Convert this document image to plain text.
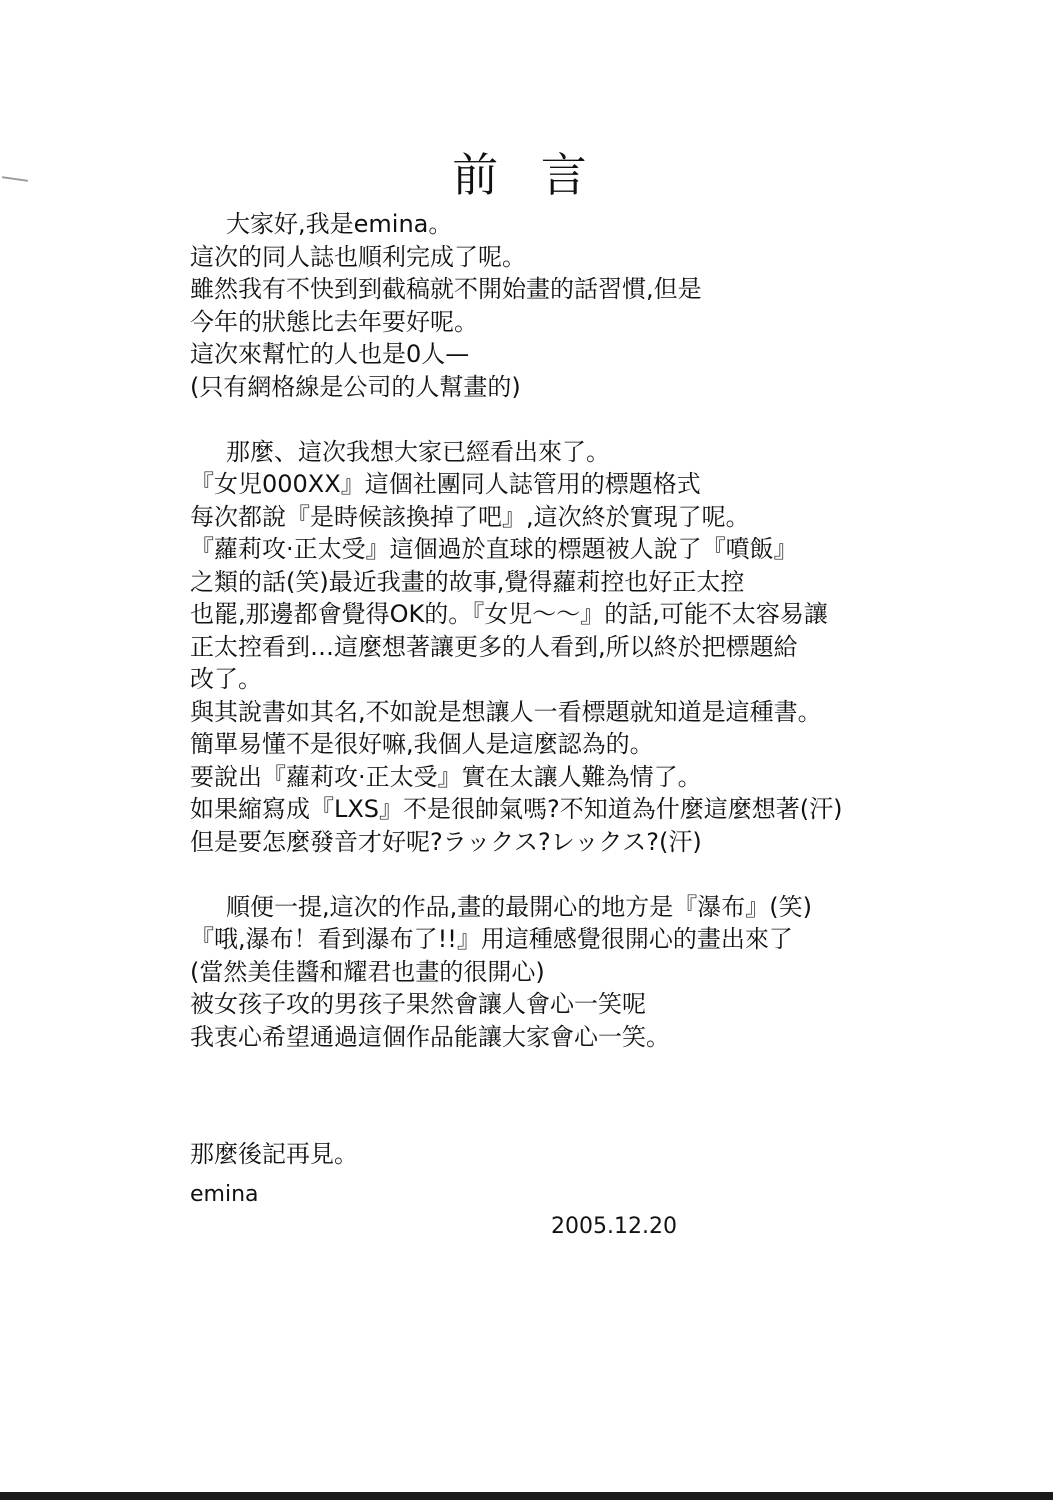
前 言
大家好,我是emina。
這次的同人誌也順利完成了呢。
雖然我有不快到到截稿就不開始畫的話習慣,但是
今年的狀態比去年要好呢。
這次來幫忙的人也是0人—
(只有網格線是公司的人幫畫的)
那麼、這次我想大家已經看出來了。
『女児000XX』這個社團同人誌管用的標題格式
每次都說『是時候該換掉了吧』,這次終於實現了呢。
『蘿莉攻·正太受』這個過於直球的標題被人說了『噴飯』
之類的話(笑)最近我畫的故事,覺得蘿莉控也好正太控
也罷,那邊都會覺得OK的。『女児～～』的話,可能不太容易讓
正太控看到…這麼想著讓更多的人看到,所以終於把標題給
改了。
與其說書如其名,不如說是想讓人一看標題就知道是這種書。
簡單易懂不是很好嘛,我個人是這麼認為的。
要說出『蘿莉攻·正太受』實在太讓人難為情了。
如果縮寫成『LXS』不是很帥氣嗎?不知道為什麼這麼想著(汗)
但是要怎麼發音才好呢?ラックス?レックス?(汗)
順便一提,這次的作品,畫的最開心的地方是『瀑布』(笑)
『哦,瀑布！看到瀑布了!!』用這種感覺很開心的畫出來了
(當然美佳醬和耀君也畫的很開心)
被女孩子攻的男孩子果然會讓人會心一笑呢
我衷心希望通過這個作品能讓大家會心一笑。
那麼後記再見。
emina
2005.12.20
